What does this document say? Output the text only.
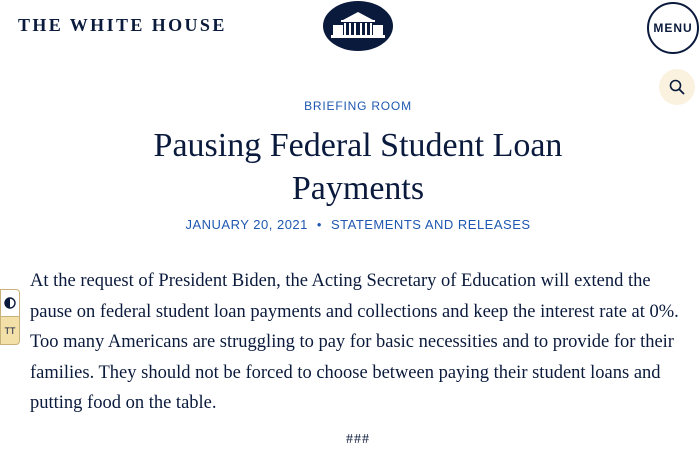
THE WHITE HOUSE	MENU
BRIEFING ROOM
Pausing Federal Student Loan Payments
JANUARY 20, 2021 • STATEMENTS AND RELEASES

At the request of President Biden, the Acting Secretary of Education will extend the pause on federal student loan payments and collections and keep the interest rate at 0%. Too many Americans are struggling to pay for basic necessities and to provide for their families. They should not be forced to choose between paying their student loans and putting food on the table.

###
TT
